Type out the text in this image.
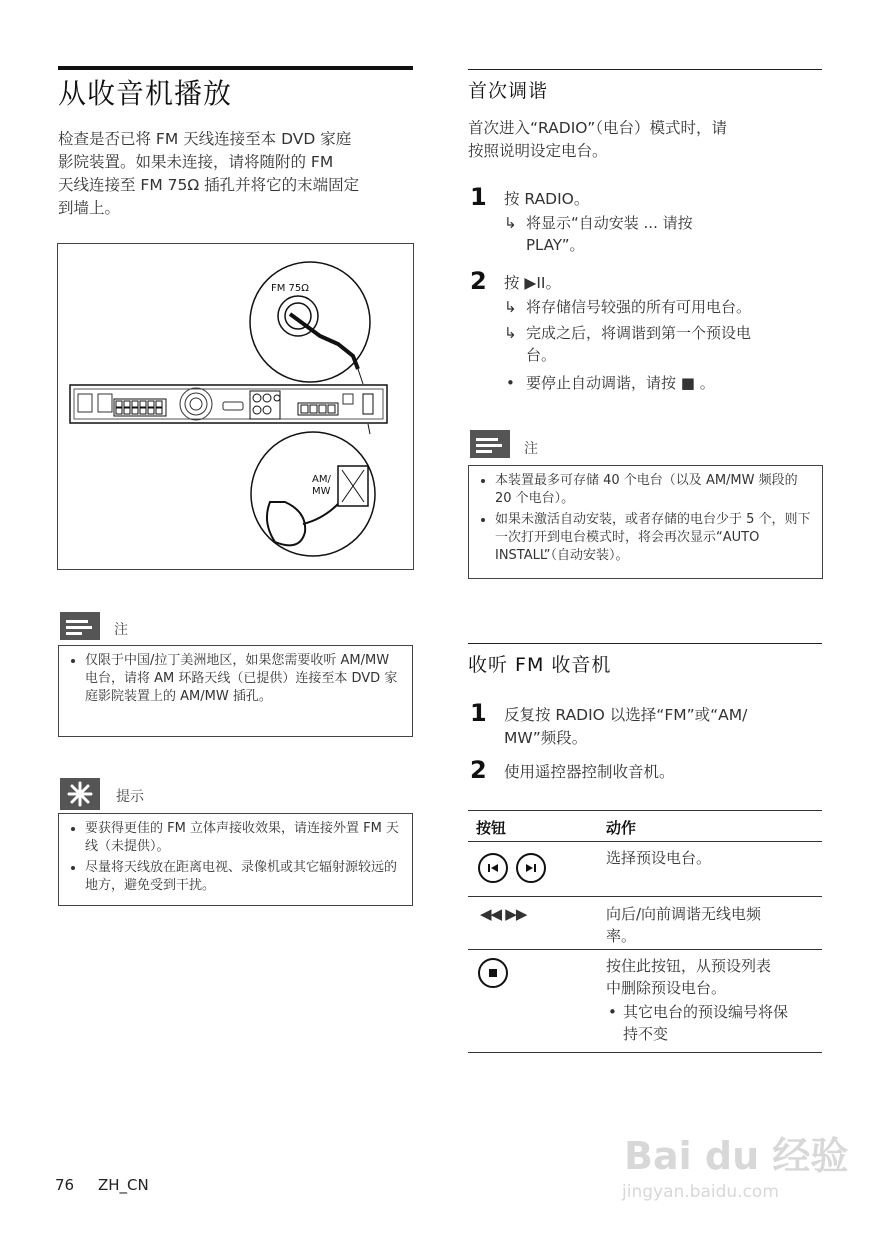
从收音机播放
检查是否已将 FM 天线连接至本 DVD 家庭
影院装置。如果未连接，请将随附的 FM
天线连接至 FM 75Ω 插孔并将它的末端固定
到墙上。
FM 75Ω
AM/
MW
注
• 仅限于中国/拉丁美洲地区，如果您需要收听 AM/MW 电台，请将 AM 环路天线（已提供）连接至本 DVD 家庭影院装置上的 AM/MW 插孔。
提示
• 要获得更佳的 FM 立体声接收效果，请连接外置 FM 天线（未提供）。
• 尽量将天线放在距离电视、录像机或其它辐射源较远的地方，避免受到干扰。
76 ZH_CN
首次调谐
首次进入“RADIO”（电台）模式时，请
按照说明设定电台。
1 按 RADIO。
↳ 将显示“自动安装 ... 请按
PLAY”。
2 按 ▶II。
↳ 将存储信号较强的所有可用电台。
↳ 完成之后，将调谐到第一个预设电
台。
• 要停止自动调谐，请按 ■ 。
注
• 本装置最多可存储 40 个电台（以及 AM/MW 频段的 20 个电台）。
• 如果未激活自动安装，或者存储的电台少于 5 个，则下一次打开到电台模式时，将会再次显示“AUTO INSTALL”（自动安装）。
收听 FM 收音机
1 反复按 RADIO 以选择“FM”或“AM/
MW”频段。
2 使用遥控器控制收音机。
按钮	动作
选择预设电台。
◀◀ ▶▶	向后/向前调谐无线电频
率。
按住此按钮，从预设列表
中删除预设电台。
• 其它电台的预设编号将保
持不变
Bai du 经验
jingyan.baidu.com
